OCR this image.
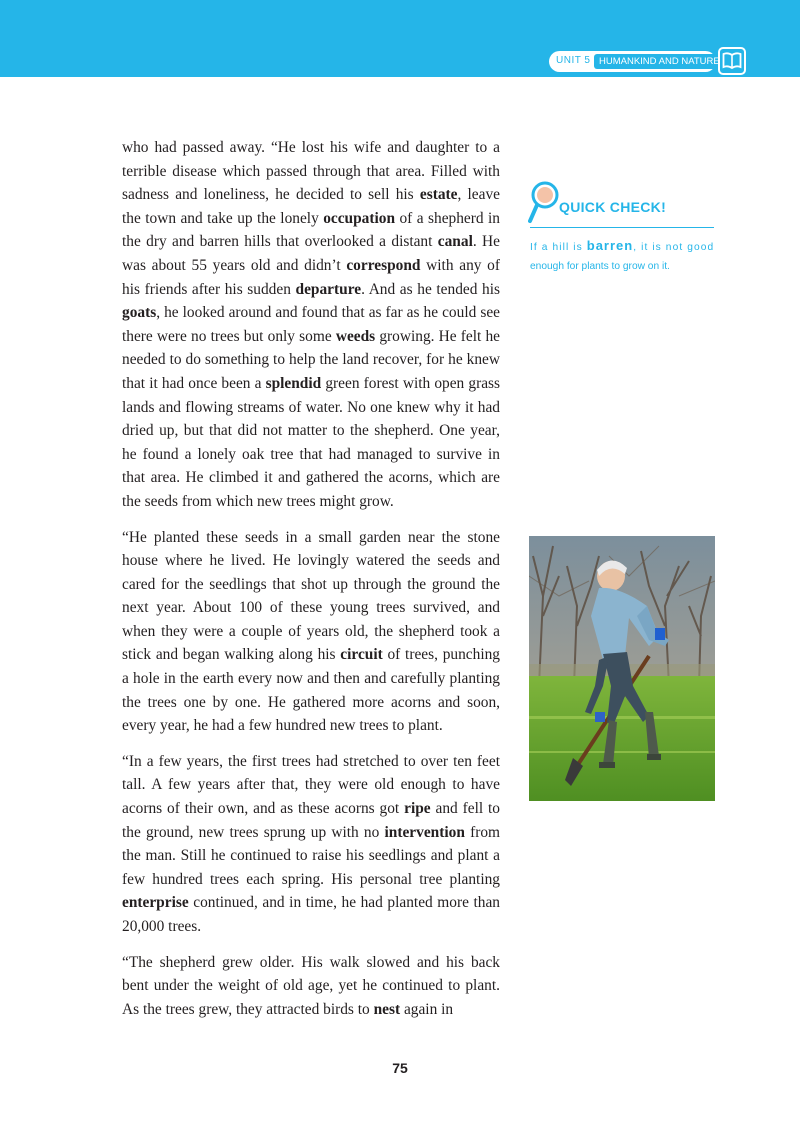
UNIT 5 HUMANKIND AND NATURE

who had passed away. “He lost his wife and daughter to a terrible disease which passed through that area. Filled with sadness and loneliness, he decided to sell his estate, leave the town and take up the lonely occupation of a shepherd in the dry and barren hills that overlooked a distant canal. He was about 55 years old and didn’t correspond with any of his friends after his sudden departure. And as he tended his goats, he looked around and found that as far as he could see there were no trees but only some weeds growing. He felt he needed to do something to help the land recover, for he knew that it had once been a splendid green forest with open grass lands and flowing streams of water. No one knew why it had dried up, but that did not matter to the shepherd. One year, he found a lonely oak tree that had managed to survive in that area. He climbed it and gathered the acorns, which are the seeds from which new trees might grow.

“He planted these seeds in a small garden near the stone house where he lived. He lovingly watered the seeds and cared for the seedlings that shot up through the ground the next year. About 100 of these young trees survived, and when they were a couple of years old, the shepherd took a stick and began walking along his circuit of trees, punching a hole in the earth every now and then and carefully planting the trees one by one. He gathered more acorns and soon, every year, he had a few hundred new trees to plant.

“In a few years, the first trees had stretched to over ten feet tall. A few years after that, they were old enough to have acorns of their own, and as these acorns got ripe and fell to the ground, new trees sprung up with no intervention from the man. Still he continued to raise his seedlings and plant a few hundred trees each spring. His personal tree planting enterprise continued, and in time, he had planted more than 20,000 trees.

“The shepherd grew older. His walk slowed and his back bent under the weight of old age, yet he continued to plant. As the trees grew, they attracted birds to nest again in

QUICK CHECK!
If a hill is barren, it is not good
enough for plants to grow on it.
75
